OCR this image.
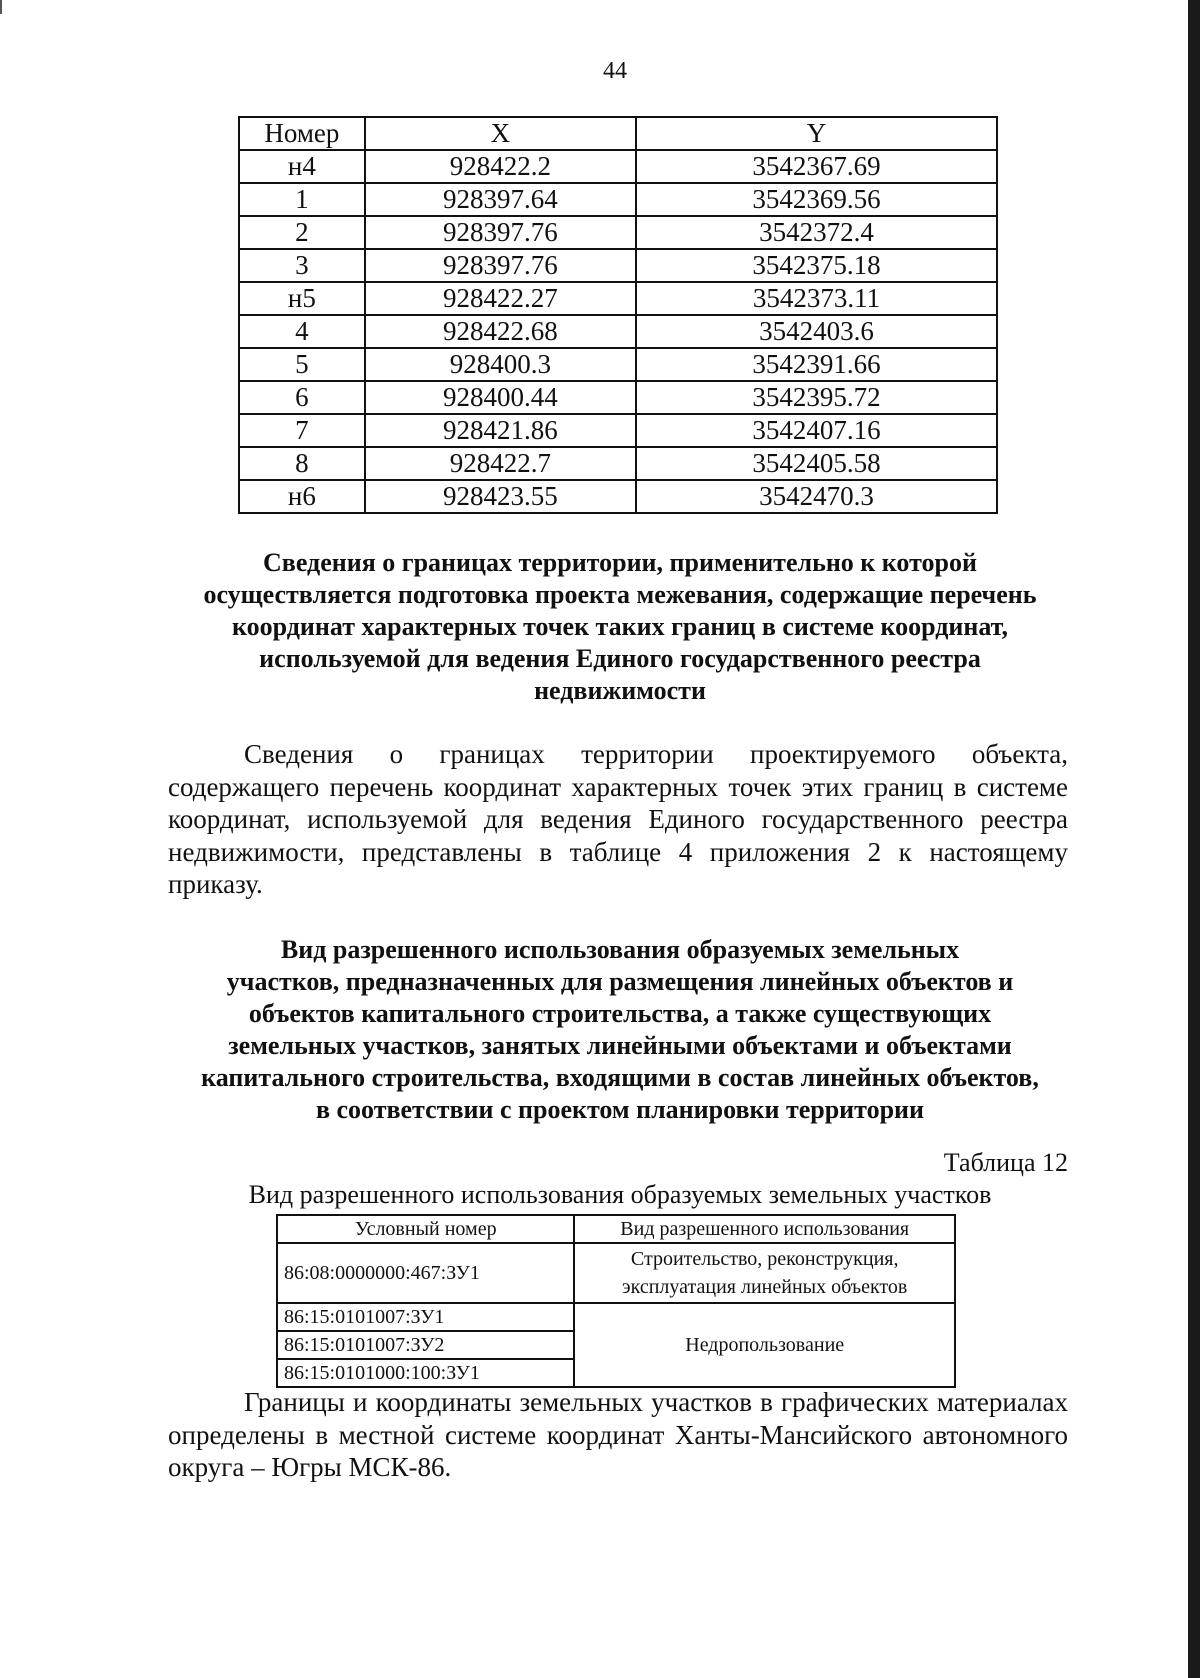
44
Номер	X	Y
н4	928422.2	3542367.69
1	928397.64	3542369.56
2	928397.76	3542372.4
3	928397.76	3542375.18
н5	928422.27	3542373.11
4	928422.68	3542403.6
5	928400.3	3542391.66
6	928400.44	3542395.72
7	928421.86	3542407.16
8	928422.7	3542405.58
н6	928423.55	3542470.3
Сведения о границах территории, применительно к которой
осуществляется подготовка проекта межевания, содержащие перечень
координат характерных точек таких границ в системе координат,
используемой для ведения Единого государственного реестра
недвижимости
Сведения о границах территории проектируемого объекта, содержащего перечень координат характерных точек этих границ в системе координат, используемой для ведения Единого государственного реестра недвижимости, представлены в таблице 4 приложения 2 к настоящему приказу.
Вид разрешенного использования образуемых земельных
участков, предназначенных для размещения линейных объектов и
объектов капитального строительства, а также существующих
земельных участков, занятых линейными объектами и объектами
капитального строительства, входящими в состав линейных объектов,
в соответствии с проектом планировки территории
Таблица 12
Вид разрешенного использования образуемых земельных участков
Условный номер	Вид разрешенного использования
86:08:0000000:467:ЗУ1	Строительство, реконструкция,
эксплуатация линейных объектов

86:15:0101007:ЗУ1	Недропользование
86:15:0101007:ЗУ2	
86:15:0101000:100:ЗУ1	
Границы и координаты земельных участков в графических материалах определены в местной системе координат Ханты-Мансийского автономного округа – Югры МСК-86.
